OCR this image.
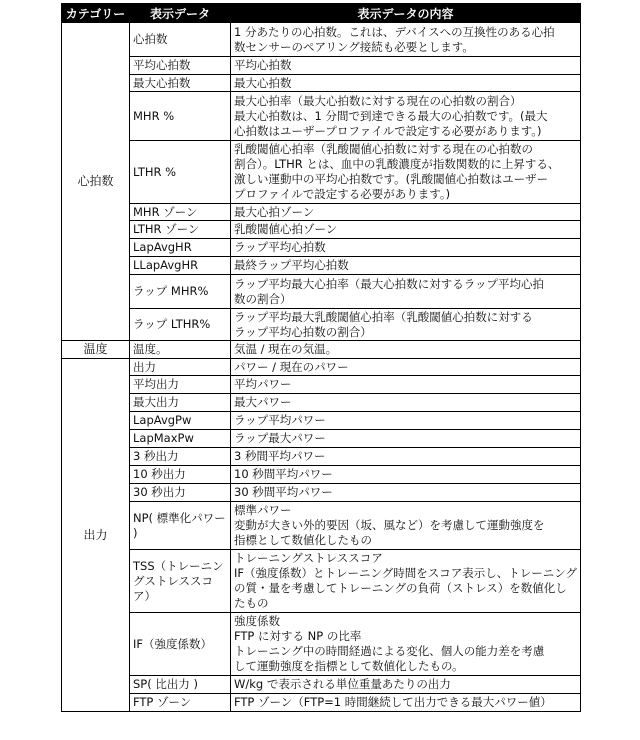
カテゴリー	表示データ	表示データの内容
心拍数	心拍数	1 分あたりの心拍数。これは、デバイスへの互換性のある心拍
数センサーのペアリング接続も必要とします。

	平均心拍数	平均心拍数

	最大心拍数	最大心拍数

	MHR %	最大心拍率（最大心拍数に対する現在の心拍数の割合）
最大心拍数は、1 分間で到達できる最大の心拍数です。(最大
心拍数はユーザープロファイルで設定する必要があります。)

	LTHR %	乳酸閾値心拍率（乳酸閾値心拍数に対する現在の心拍数の
割合）。LTHR とは、血中の乳酸濃度が指数関数的に上昇する、
激しい運動中の平均心拍数です。(乳酸閾値心拍数はユーザー
プロファイルで設定する必要があります。)

	MHR ゾーン	最大心拍ゾーン

	LTHR ゾーン	乳酸閾値心拍ゾーン

	LapAvgHR	ラップ平均心拍数

	LLapAvgHR	最終ラップ平均心拍数

	ラップ MHR%	ラップ平均最大心拍率（最大心拍数に対するラップ平均心拍
数の割合）

	ラップ LTHR%	ラップ平均最大乳酸閾値心拍率（乳酸閾値心拍数に対する
ラップ平均心拍数の割合）

温度	温度。	気温 / 現在の気温。

出力	出力	パワー / 現在のパワー

	平均出力	平均パワー

	最大出力	最大パワー

	LapAvgPw	ラップ平均パワー

	LapMaxPw	ラップ最大パワー

	3 秒出力	3 秒間平均パワー

	10 秒出力	10 秒間平均パワー

	30 秒出力	30 秒間平均パワー

	NP( 標準化パワー )	標準パワー
変動が大きい外的要因（坂、風など）を考慮して運動強度を
指標として数値化したもの

	TSS（トレーニングストレススコア）	トレーニングストレススコア
IF（強度係数）とトレーニング時間をスコア表示し、トレーニング
の質・量を考慮してトレーニングの負荷（ストレス）を数値化し
たもの

	IF（強度係数）	強度係数
FTP に対する NP の比率
トレーニング中の時間経過による変化、個人の能力差を考慮
して運動強度を指標として数値化したもの。

	SP( 比出力 )	W/kg で表示される単位重量あたりの出力

	FTP ゾーン	FTP ゾーン（FTP=1 時間継続して出力できる最大パワー値）
